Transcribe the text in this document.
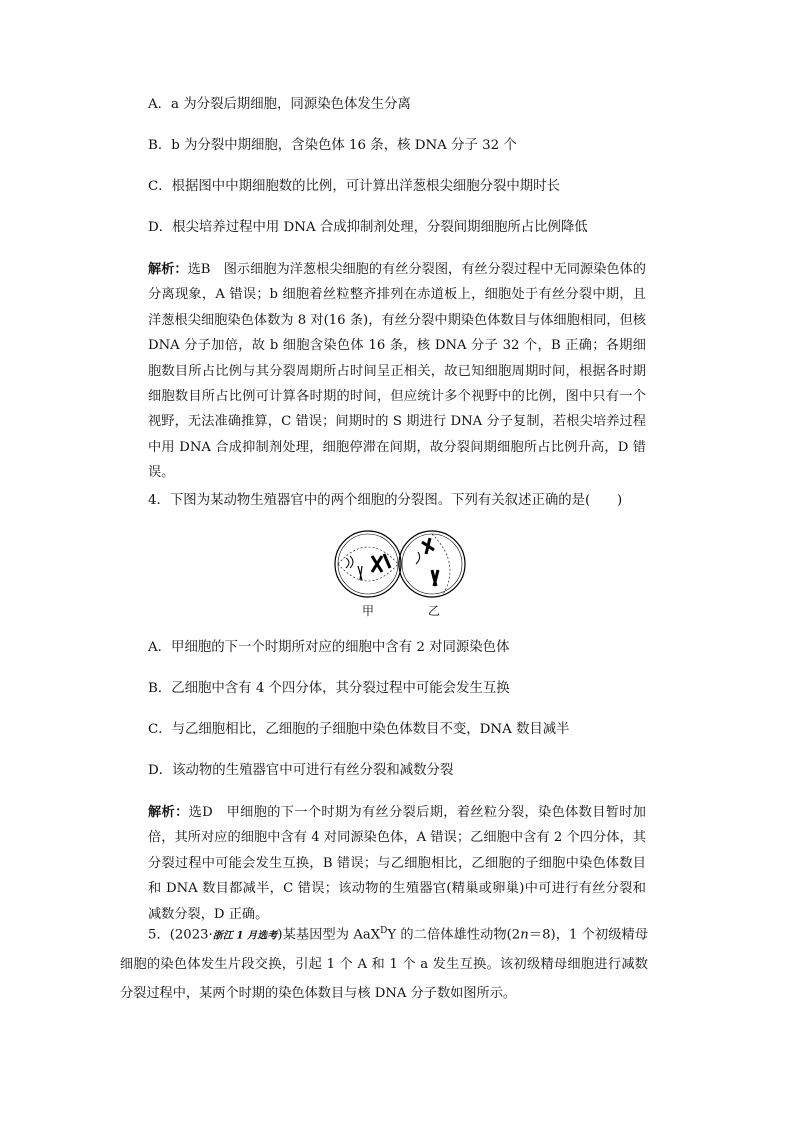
A．a 为分裂后期细胞，同源染色体发生分离
B．b 为分裂中期细胞，含染色体 16 条，核 DNA 分子 32 个
C．根据图中中期细胞数的比例，可计算出洋葱根尖细胞分裂中期时长
D．根尖培养过程中用 DNA 合成抑制剂处理，分裂间期细胞所占比例降低
解析：选B　图示细胞为洋葱根尖细胞的有丝分裂图，有丝分裂过程中无同源染色体的分离现象，A 错误；b 细胞着丝粒整齐排列在赤道板上，细胞处于有丝分裂中期，且洋葱根尖细胞染色体数为 8 对(16 条)，有丝分裂中期染色体数目与体细胞相同，但核 DNA 分子加倍，故 b 细胞含染色体 16 条，核 DNA 分子 32 个，B 正确；各期细胞数目所占比例与其分裂周期所占时间呈正相关，故已知细胞周期时间，根据各时期细胞数目所占比例可计算各时期的时间，但应统计多个视野中的比例，图中只有一个视野，无法准确推算，C 错误；间期时的 S 期进行 DNA 分子复制，若根尖培养过程中用 DNA 合成抑制剂处理，细胞停滞在间期，故分裂间期细胞所占比例升高，D 错误。
4．下图为某动物生殖器官中的两个细胞的分裂图。下列有关叙述正确的是(　　)
甲	乙
A．甲细胞的下一个时期所对应的细胞中含有 2 对同源染色体
B．乙细胞中含有 4 个四分体，其分裂过程中可能会发生互换
C．与乙细胞相比，乙细胞的子细胞中染色体数目不变，DNA 数目减半
D．该动物的生殖器官中可进行有丝分裂和减数分裂
解析：选D　甲细胞的下一个时期为有丝分裂后期，着丝粒分裂，染色体数目暂时加倍，其所对应的细胞中含有 4 对同源染色体，A 错误；乙细胞中含有 2 个四分体，其分裂过程中可能会发生互换，B 错误；与乙细胞相比，乙细胞的子细胞中染色体数目和 DNA 数目都减半，C 错误；该动物的生殖器官(精巢或卵巢)中可进行有丝分裂和减数分裂，D 正确。
5．(2023·浙江 1 月选考)某基因型为 AaX$^D$Y 的二倍体雄性动物(2n＝8)，1 个初级精母细胞的染色体发生片段交换，引起 1 个 A 和 1 个 a 发生互换。该初级精母细胞进行减数分裂过程中，某两个时期的染色体数目与核 DNA 分子数如图所示。
